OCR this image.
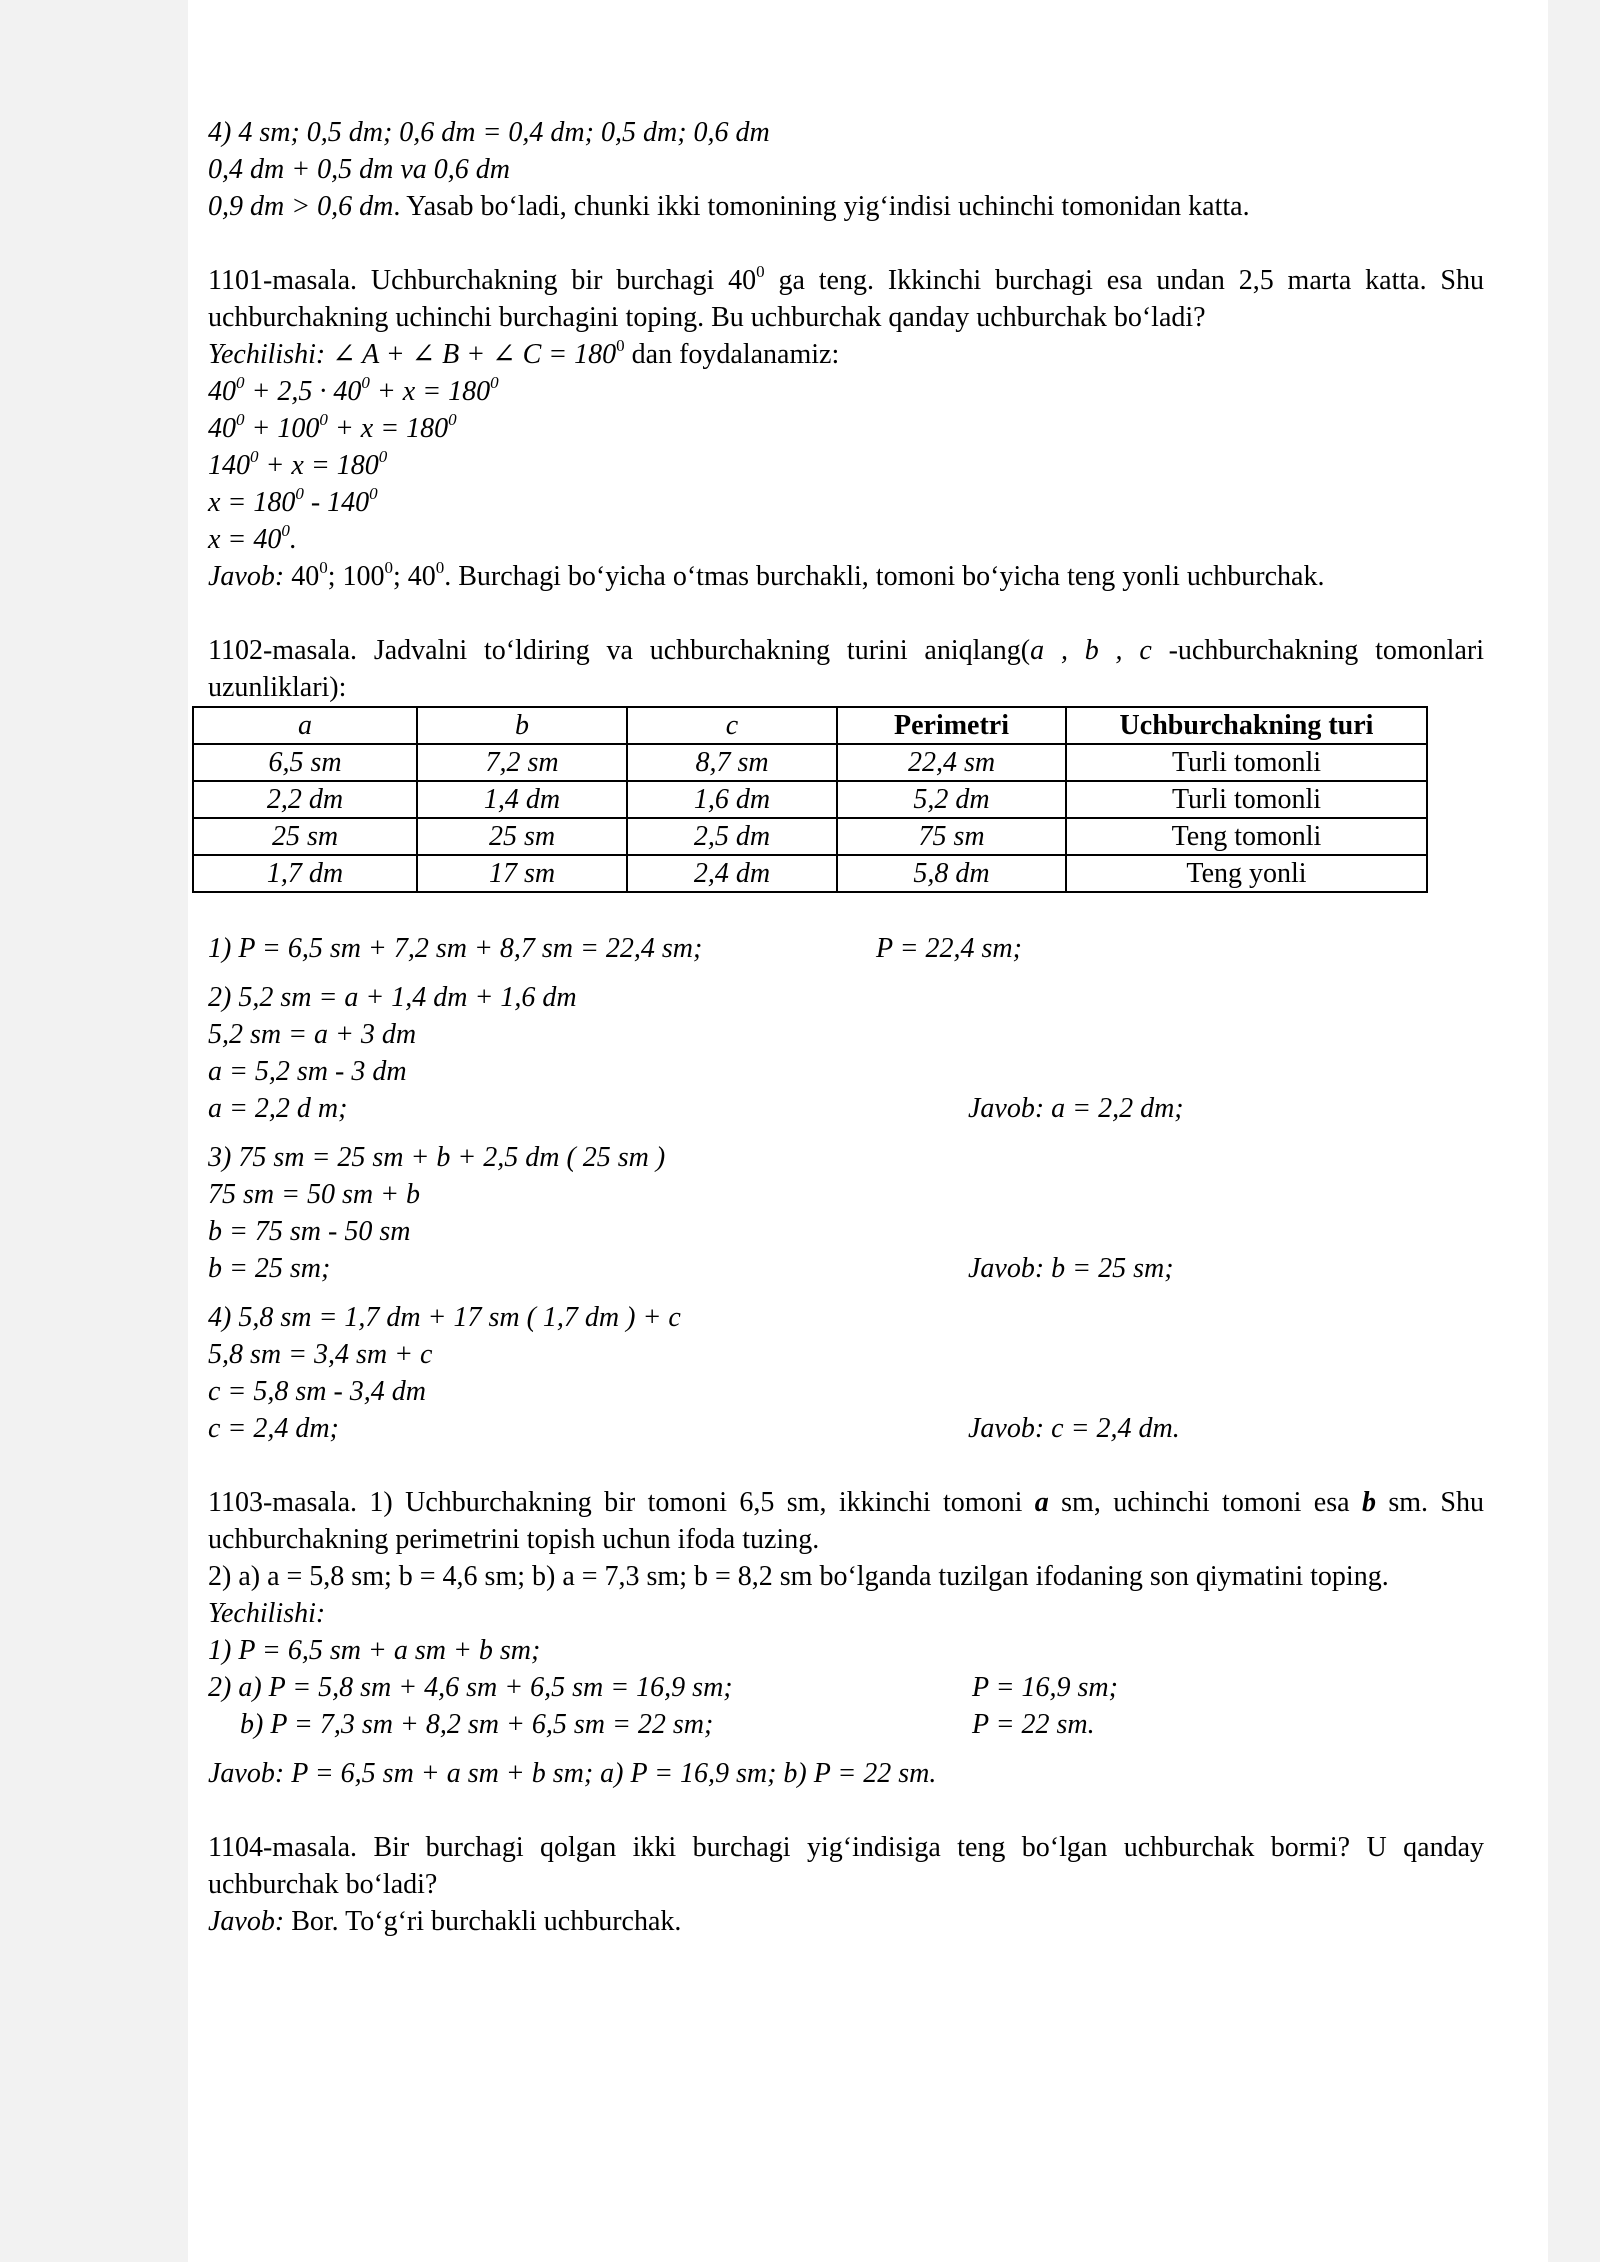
4) 4 sm; 0,5 dm; 0,6 dm = 0,4 dm; 0,5 dm; 0,6 dm
0,4 dm + 0,5 dm va 0,6 dm
0,9 dm > 0,6 dm. Yasab bo‘ladi, chunki ikki tomonining yig‘indisi uchinchi tomonidan katta.
1101-masala. Uchburchakning bir burchagi $40^0$ ga teng. Ikkinchi burchagi esa undan 2,5 marta katta. Shu uchburchakning uchinchi burchagini toping. Bu uchburchak qanday uchburchak bo‘ladi?
Yechilishi: ∠ A + ∠ B + ∠ $C = 180^0$ dan foydalanamiz:
$40^0 + 2,5 \cdot 40^0 + x = 180^0$
$40^0 + 100^0 + x = 180^0$
$140^0 + x = 180^0$
$x = 180^0 - 140^0$
$x = 40^0$.
Javob: $40^0$; $100^0$; $40^0$. Burchagi bo‘yicha o‘tmas burchakli, tomoni bo‘yicha teng yonli uchburchak.
1102-masala. Jadvalni to‘ldiring va uchburchakning turini aniqlang(a , b , c -uchburchakning tomonlari uzunliklari):
a	b	c	Perimetri	Uchburchakning turi
6,5 sm	7,2 sm	8,7 sm	22,4 sm	Turli tomonli
2,2 dm	1,4 dm	1,6 dm	5,2 dm	Turli tomonli
25 sm	25 sm	2,5 dm	75 sm	Teng tomonli
1,7 dm	17 sm	2,4 dm	5,8 dm	Teng yonli
1) P = 6,5 sm + 7,2 sm + 8,7 sm = 22,4 sm;	P = 22,4 sm;
2) 5,2 sm = a + 1,4 dm + 1,6 dm
5,2 sm = a + 3 dm
a = 5,2 sm - 3 dm
a = 2,2 d m;	Javob: a = 2,2 dm;
3) 75 sm = 25 sm + b + 2,5 dm ( 25 sm )
75 sm = 50 sm + b
b = 75 sm - 50 sm
b = 25 sm;	Javob: b = 25 sm;
4) 5,8 sm = 1,7 dm + 17 sm ( 1,7 dm ) + c
5,8 sm = 3,4 sm + c
c = 5,8 sm - 3,4 dm
c = 2,4 dm;	Javob: c = 2,4 dm.
1103-masala. 1) Uchburchakning bir tomoni 6,5 sm, ikkinchi tomoni a sm, uchinchi tomoni esa b sm. Shu uchburchakning perimetrini topish uchun ifoda tuzing.
2) a) a = 5,8 sm; b = 4,6 sm; b) a = 7,3 sm; b = 8,2 sm bo‘lganda tuzilgan ifodaning son qiymatini toping.
Yechilishi:
1) P = 6,5 sm + a sm + b sm;
2) a) P = 5,8 sm + 4,6 sm + 6,5 sm = 16,9 sm;	P = 16,9 sm;
b) P = 7,3 sm + 8,2 sm + 6,5 sm = 22 sm;	P = 22 sm.
Javob: P = 6,5 sm + a sm + b sm; a) P = 16,9 sm; b) P = 22 sm.
1104-masala. Bir burchagi qolgan ikki burchagi yig‘indisiga teng bo‘lgan uchburchak bormi? U qanday uchburchak bo‘ladi?
Javob: Bor. To‘g‘ri burchakli uchburchak.
